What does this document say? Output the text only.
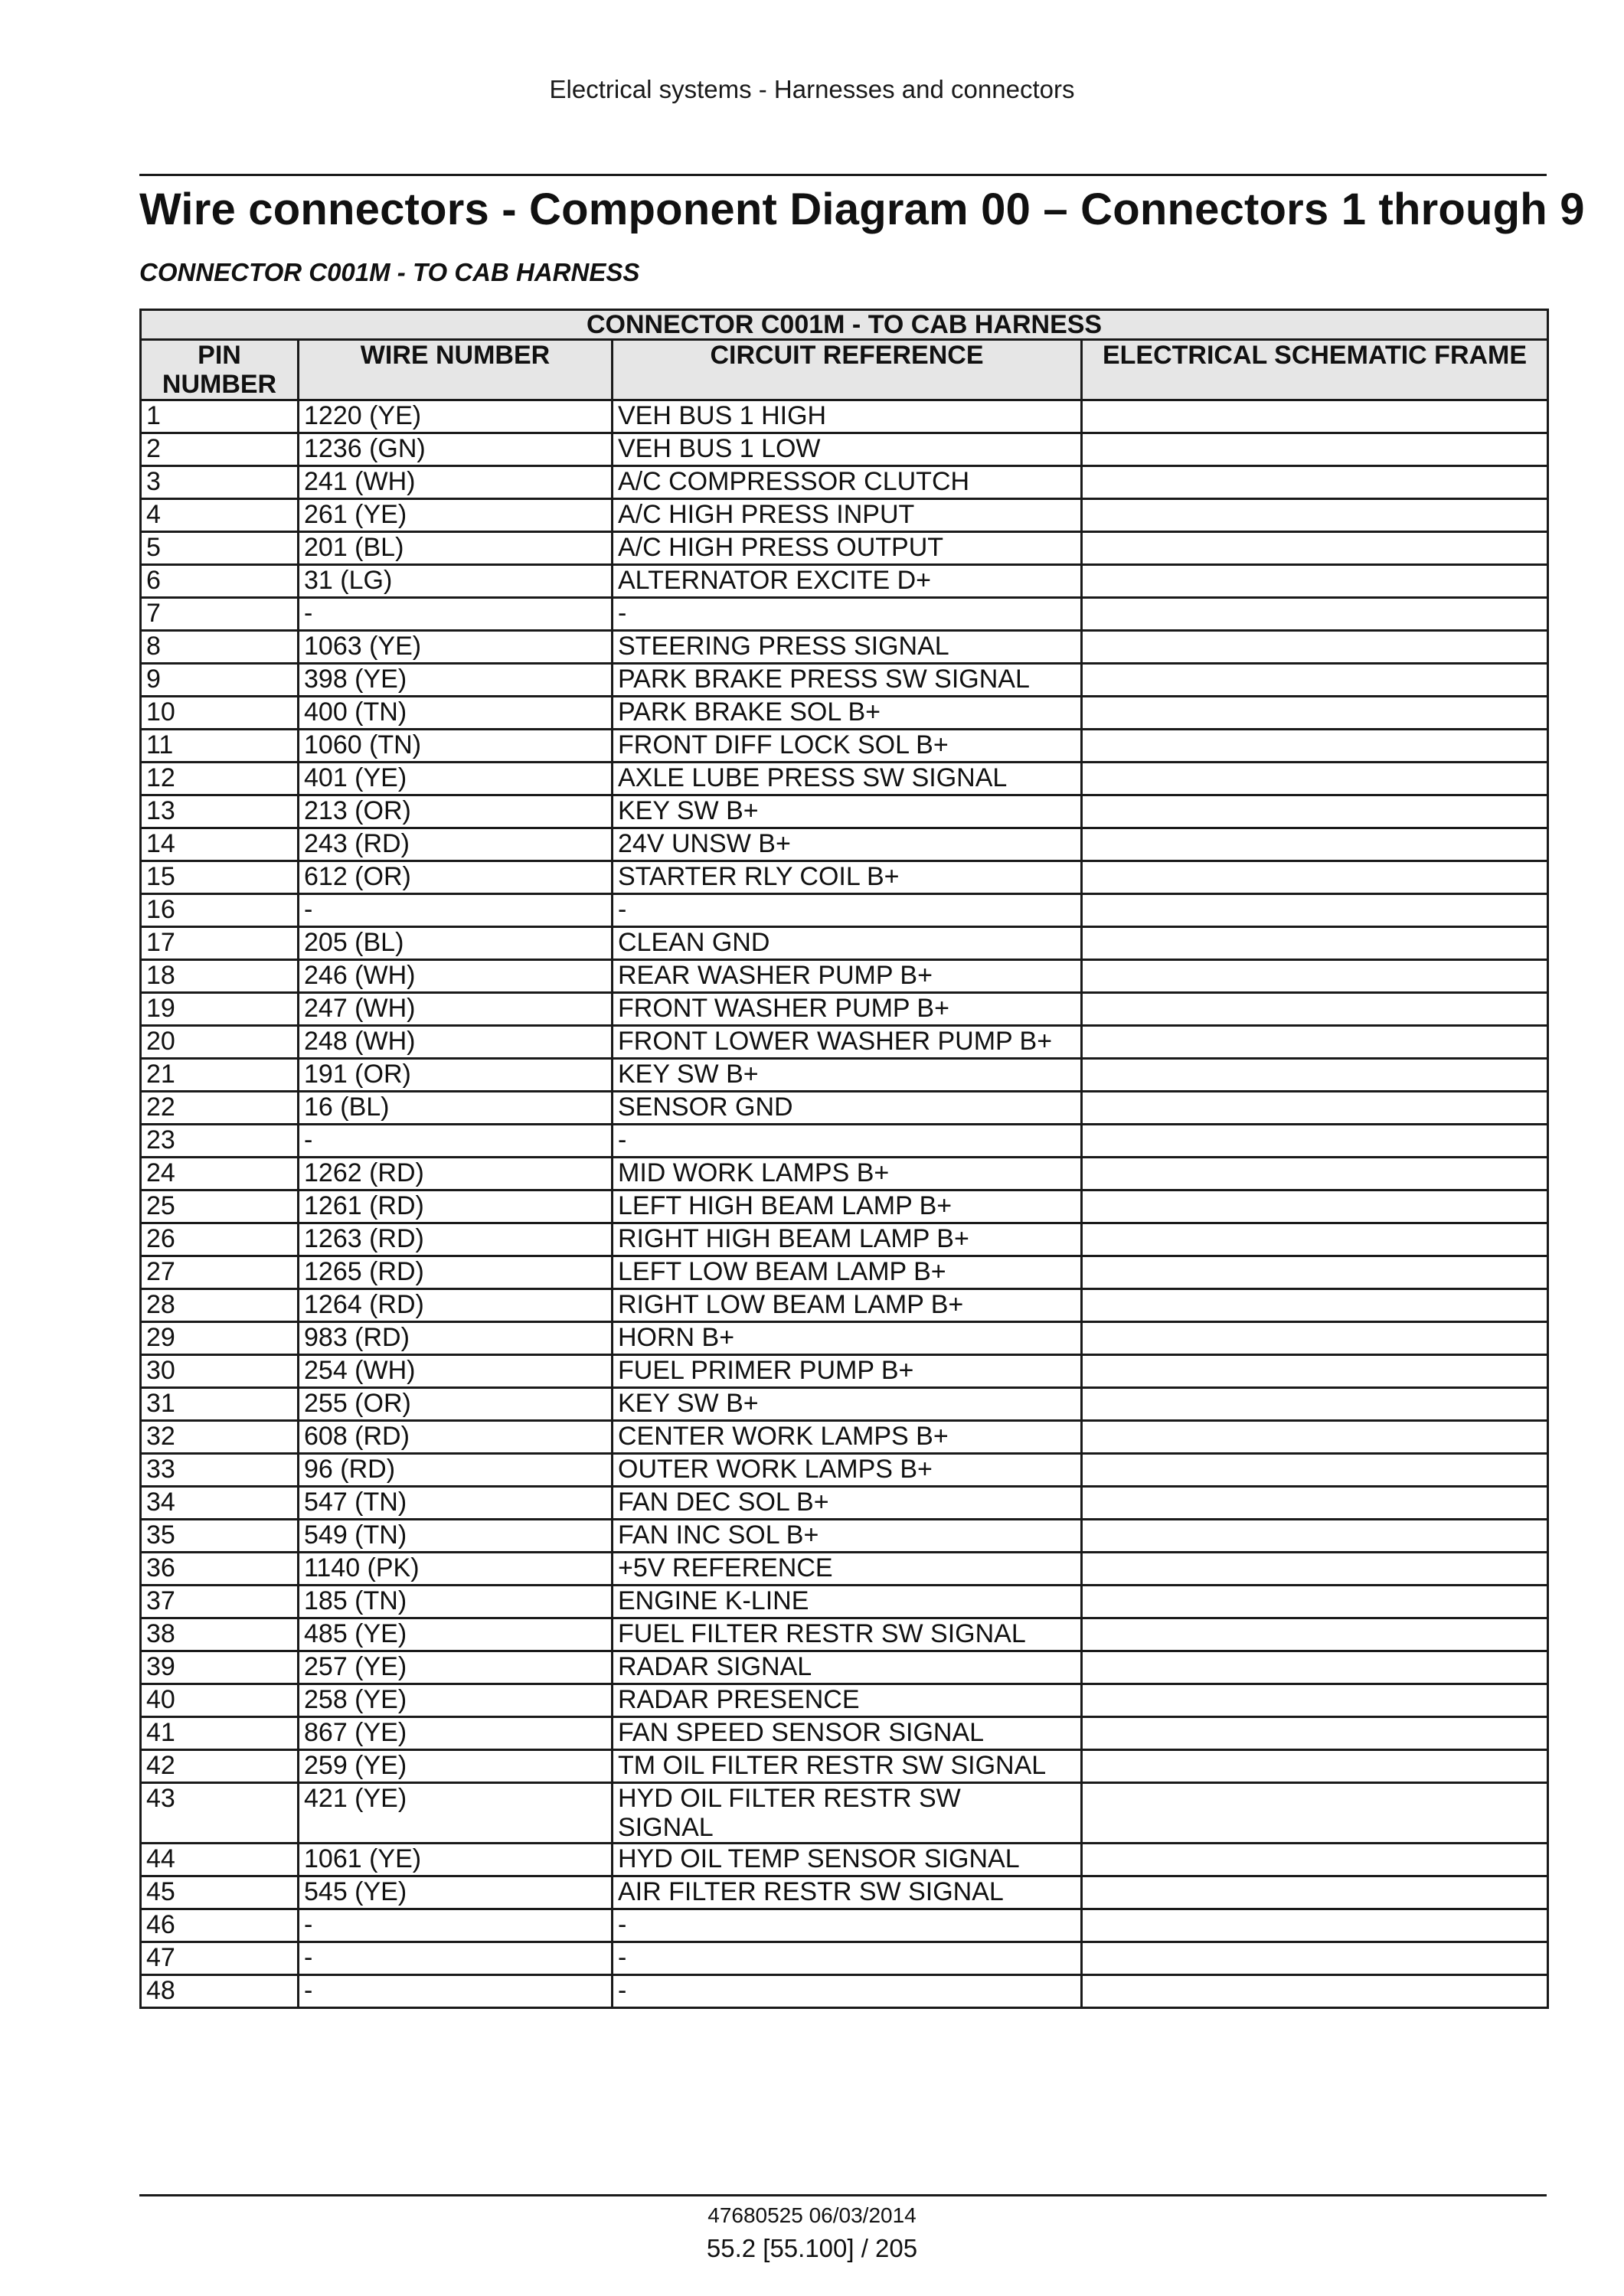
Electrical systems - Harnesses and connectors
Wire connectors - Component Diagram 00 – Connectors 1 through 9
CONNECTOR C001M - TO CAB HARNESS
CONNECTOR C001M - TO CAB HARNESS			
PIN NUMBER	WIRE NUMBER	CIRCUIT REFERENCE	ELECTRICAL SCHEMATIC FRAME
1	1220 (YE)	VEH BUS 1 HIGH	
2	1236 (GN)	VEH BUS 1 LOW	
3	241 (WH)	A/C COMPRESSOR CLUTCH	
4	261 (YE)	A/C HIGH PRESS INPUT	
5	201 (BL)	A/C HIGH PRESS OUTPUT	
6	31 (LG)	ALTERNATOR EXCITE D+	
7	-	-	
8	1063 (YE)	STEERING PRESS SIGNAL	
9	398 (YE)	PARK BRAKE PRESS SW SIGNAL	
10	400 (TN)	PARK BRAKE SOL B+	
11	1060 (TN)	FRONT DIFF LOCK SOL B+	
12	401 (YE)	AXLE LUBE PRESS SW SIGNAL	
13	213 (OR)	KEY SW B+	
14	243 (RD)	24V UNSW B+	
15	612 (OR)	STARTER RLY COIL B+	
16	-	-	
17	205 (BL)	CLEAN GND	
18	246 (WH)	REAR WASHER PUMP B+	
19	247 (WH)	FRONT WASHER PUMP B+	
20	248 (WH)	FRONT LOWER WASHER PUMP B+	
21	191 (OR)	KEY SW B+	
22	16 (BL)	SENSOR GND	
23	-	-	
24	1262 (RD)	MID WORK LAMPS B+	
25	1261 (RD)	LEFT HIGH BEAM LAMP B+	
26	1263 (RD)	RIGHT HIGH BEAM LAMP B+	
27	1265 (RD)	LEFT LOW BEAM LAMP B+	
28	1264 (RD)	RIGHT LOW BEAM LAMP B+	
29	983 (RD)	HORN B+	
30	254 (WH)	FUEL PRIMER PUMP B+	
31	255 (OR)	KEY SW B+	
32	608 (RD)	CENTER WORK LAMPS B+	
33	96 (RD)	OUTER WORK LAMPS B+	
34	547 (TN)	FAN DEC SOL B+	
35	549 (TN)	FAN INC SOL B+	
36	1140 (PK)	+5V REFERENCE	
37	185 (TN)	ENGINE K-LINE	
38	485 (YE)	FUEL FILTER RESTR SW SIGNAL	
39	257 (YE)	RADAR SIGNAL	
40	258 (YE)	RADAR PRESENCE	
41	867 (YE)	FAN SPEED SENSOR SIGNAL	
42	259 (YE)	TM OIL FILTER RESTR SW SIGNAL	
43	421 (YE)	HYD OIL FILTER RESTR SW SIGNAL	
44	1061 (YE)	HYD OIL TEMP SENSOR SIGNAL	
45	545 (YE)	AIR FILTER RESTR SW SIGNAL	
46	-	-	
47	-	-	
48	-	-	
47680525 06/03/2014
55.2 [55.100] / 205
